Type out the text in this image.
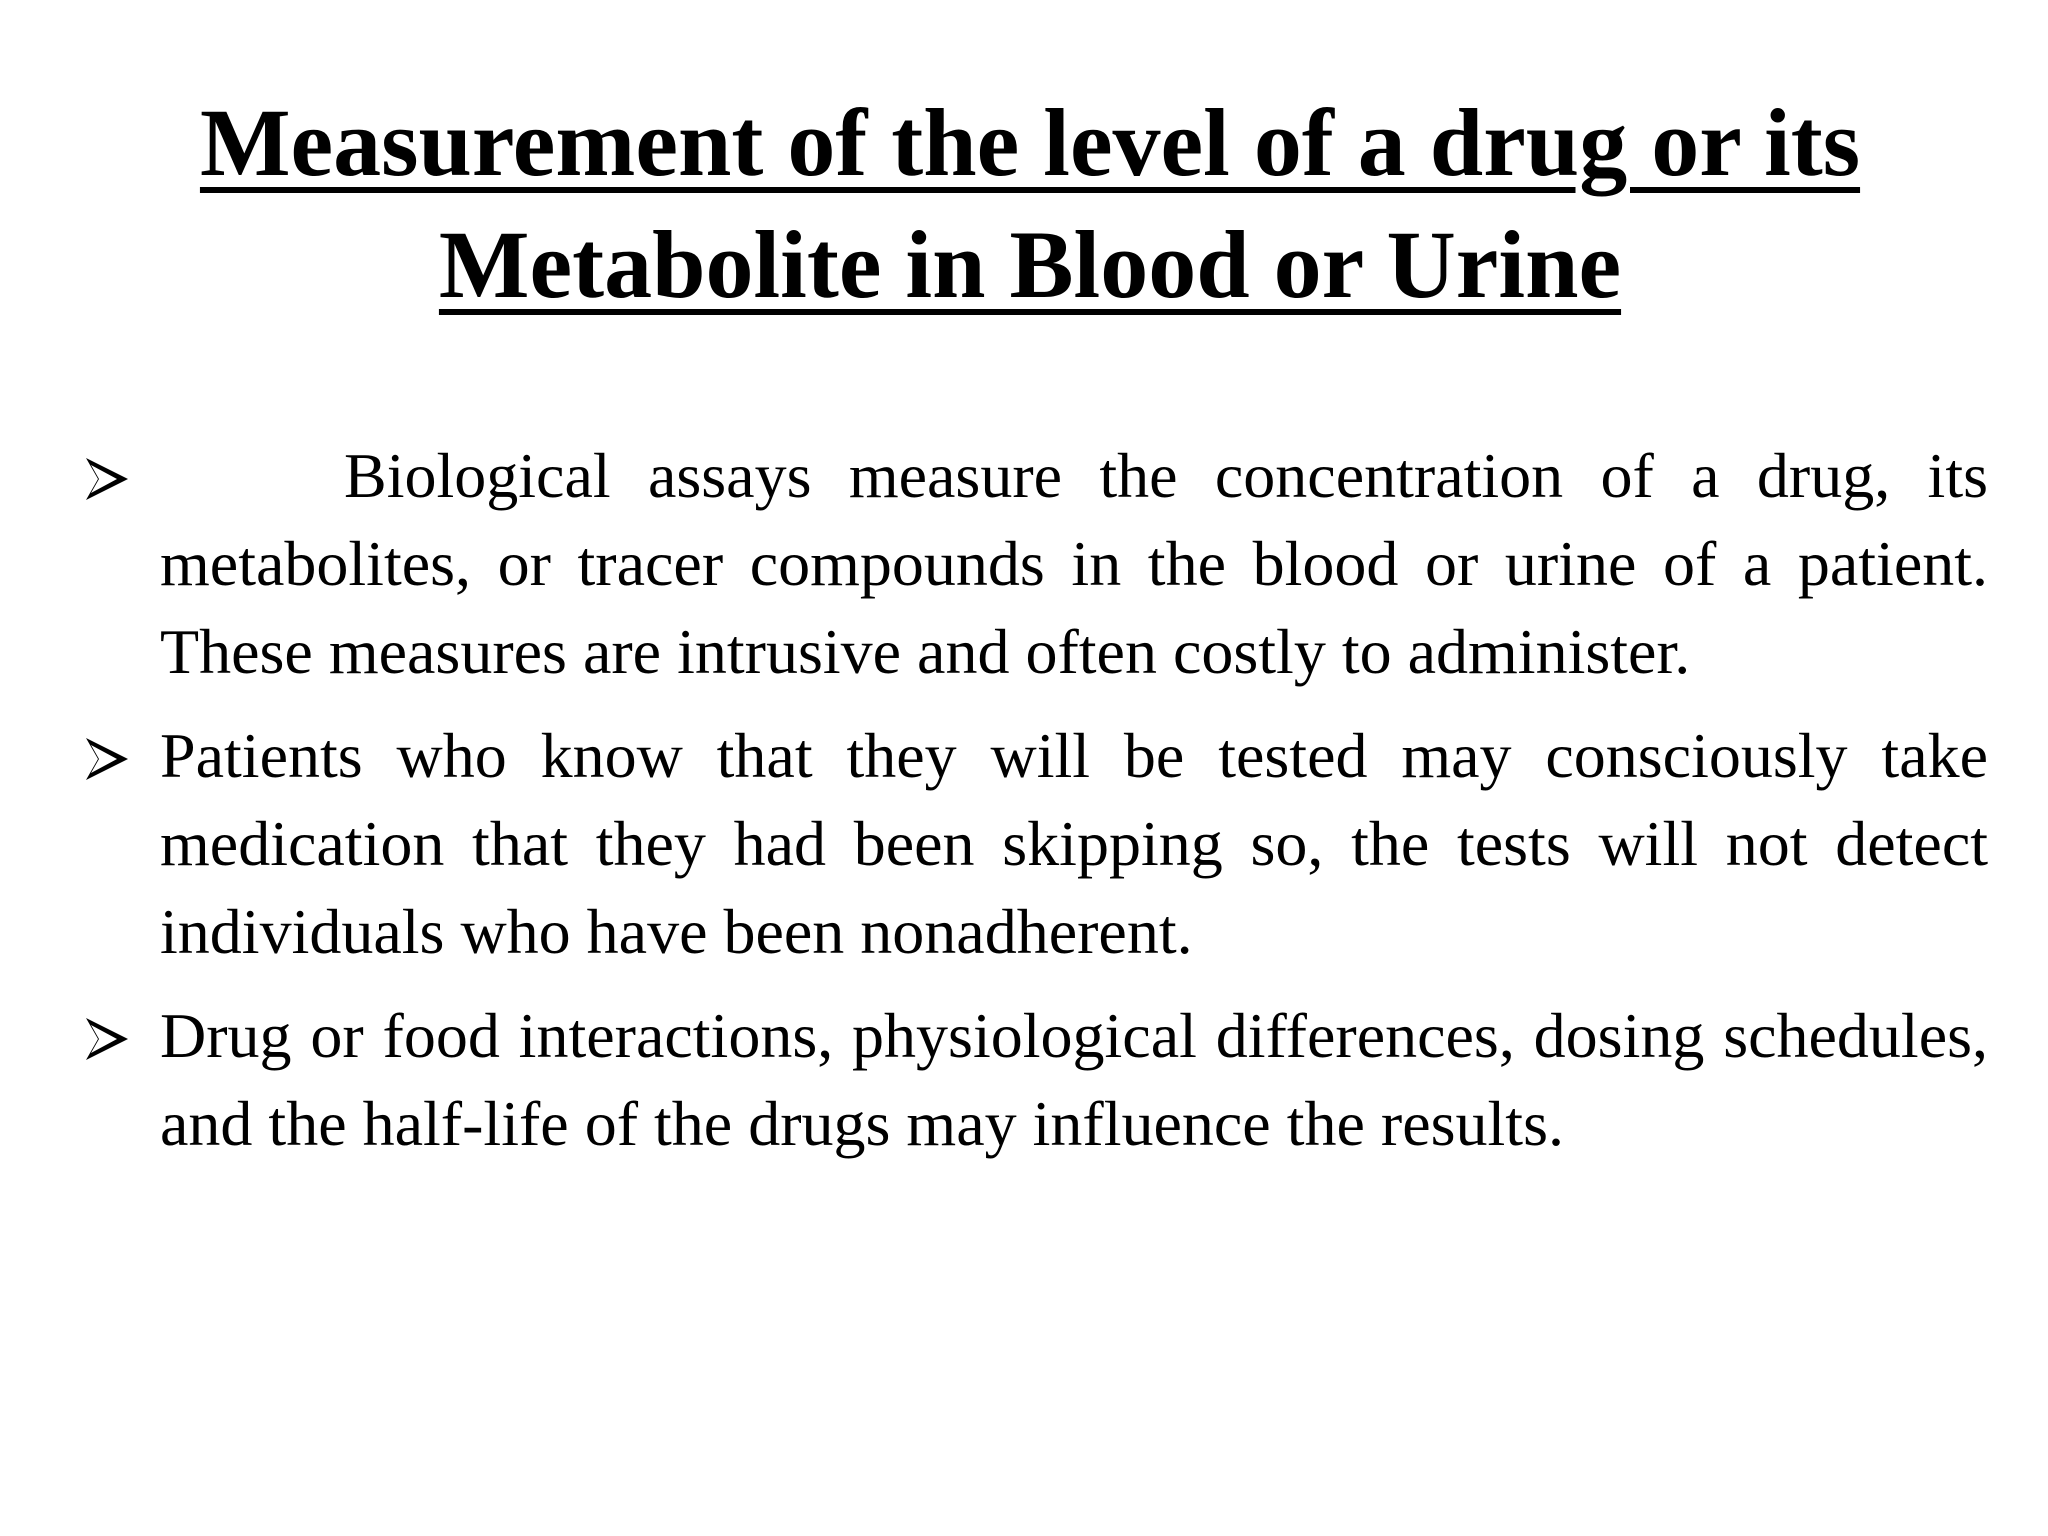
Measurement of the level of a drug or its
Metabolite in Blood or Urine
Biological assays measure the concentration of a drug, its metabolites, or tracer compounds in the blood or urine of a patient. These measures are intrusive and often costly to administer.
Patients who know that they will be tested may consciously take medication that they had been skipping so, the tests will not detect individuals who have been nonadherent.
Drug or food interactions, physiological differences, dosing schedules, and the half-life of the drugs may influence the results.
